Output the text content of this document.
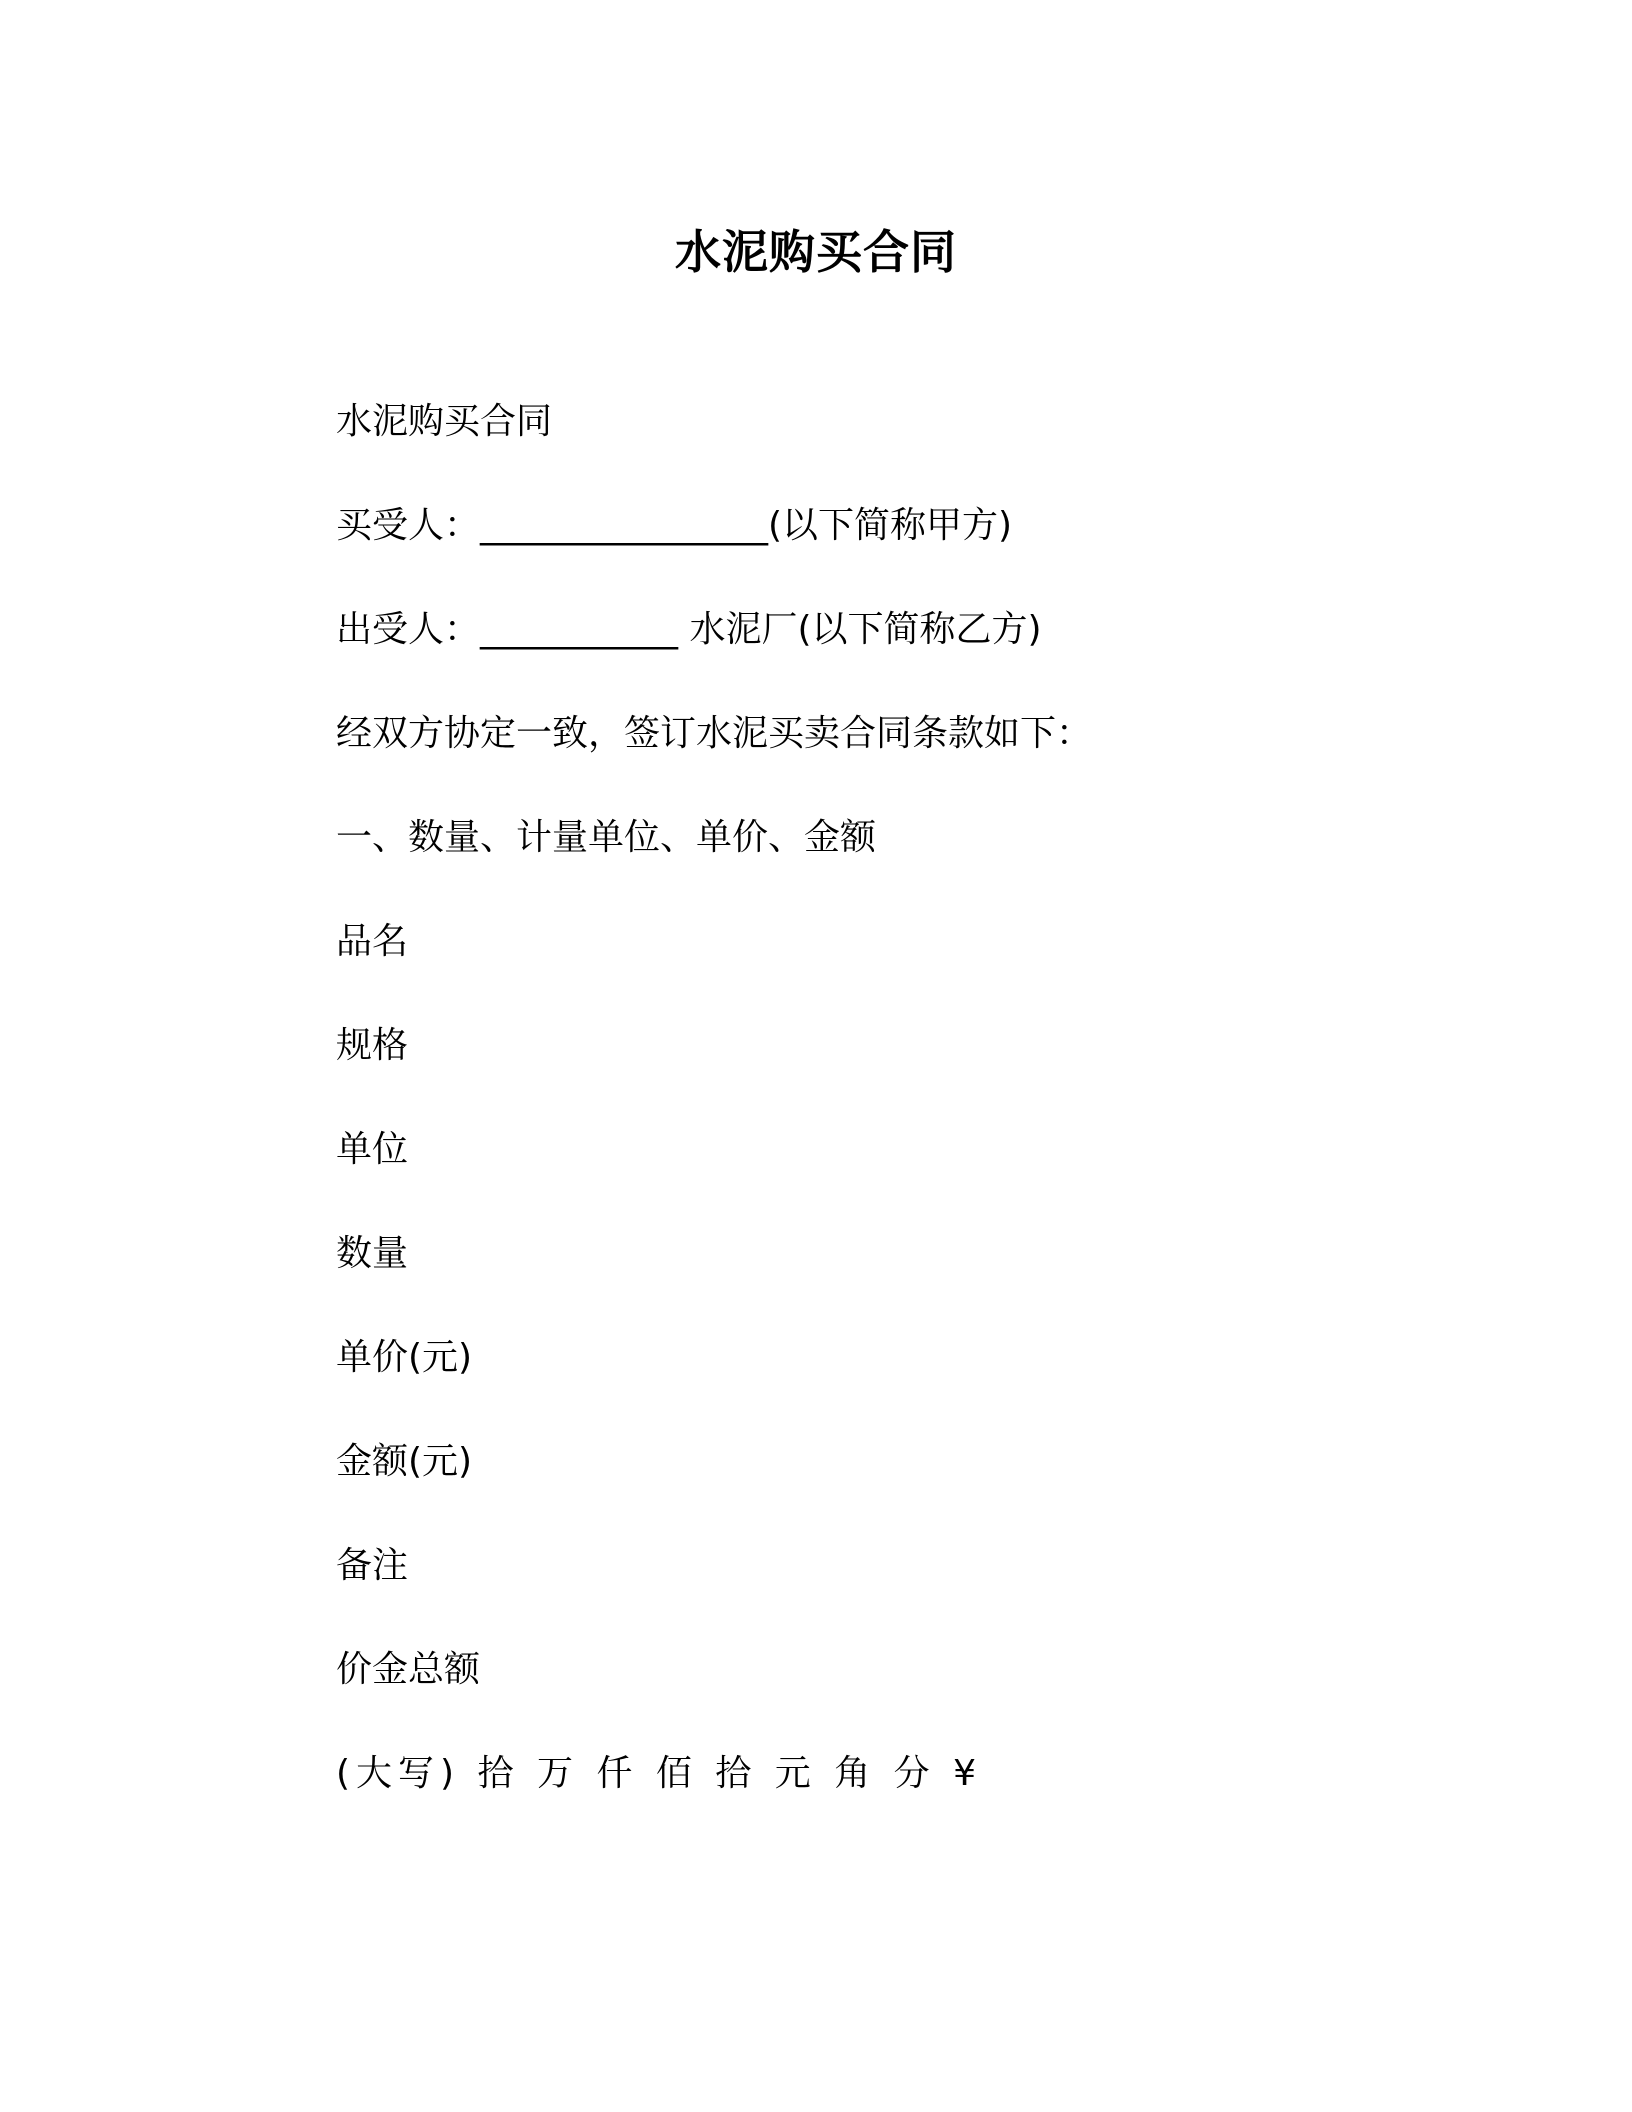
水泥购买合同

水泥购买合同

买受人：________________(以下简称甲方)

出受人：___________ 水泥厂(以下简称乙方)

经双方协定一致，签订水泥买卖合同条款如下：

一、数量、计量单位、单价、金额

品名

规格

单位

数量

单价(元)

金额(元)

备注

价金总额

(大写) 拾 万 仟 佰 拾 元 角 分 ¥
